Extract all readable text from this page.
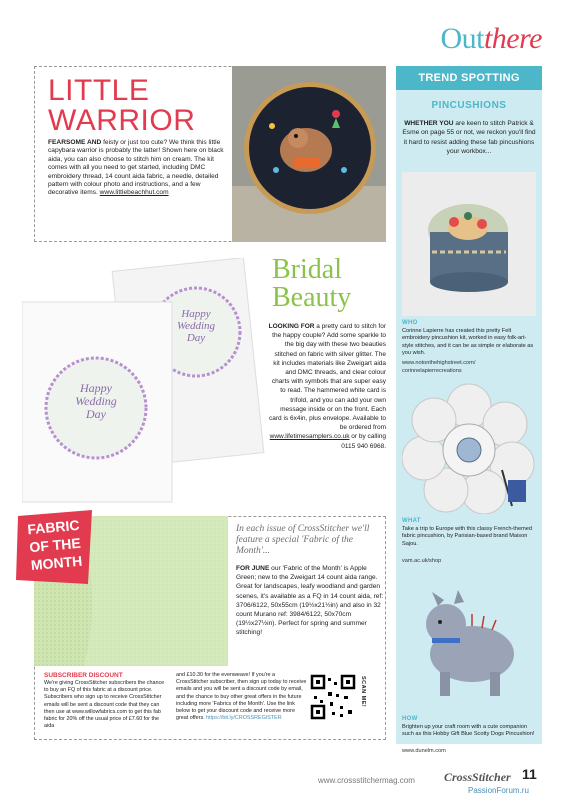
Outthere
LITTLE
WARRIOR
FEARSOME AND feisty or just too cute? We think this little capybara warrior is probably the latter! Shown here on black aida, you can also choose to stitch him on cream. The kit comes with all you need to get started, including DMC embroidery thread, 14 count aida fabric, a needle, detailed pattern with colour photo and instructions, and a few decorative items. www.littlebeachhut.com
Happy Wedding Day
Happy Wedding Day
Bridal
Beauty
LOOKING FOR a pretty card to stitch for the happy couple? Add some sparkle to the big day with these two beauties stitched on fabric with silver glitter. The kit includes materials like Zweigart aida and DMC threads, and clear colour charts with symbols that are super easy to read. The hammered white card is trifold, and you can add your own message inside or on the front. Each card is 6x4in, plus envelope. Available to be ordered from www.lifetimesamplers.co.uk or by calling 0115 940 6968.
FABRIC
OF THE
MONTH
In each issue of CrossStitcher we'll feature a special 'Fabric of the Month'...
FOR JUNE our 'Fabric of the Month' is Apple Green; new to the Zweigart 14 count aida range. Great for landscapes, leafy woodland and garden scenes, it's available as a FQ in 14 count aida, ref: 3706/6122, 50x55cm (19½x21½in) and also in 32 count Murano ref: 3984/6122, 50x70cm (19½x27½in). Perfect for spring and summer stitching!
SUBSCRIBER DISCOUNT
We're giving CrossStitcher subscribers the chance to buy an FQ of this fabric at a discount price. Subscribers who sign up to receive CrossStitcher emails will be sent a discount code that they can then use at www.willowfabrics.com to get this fab fabric for 20% off the usual price of £7.60 for the aida
and £10.30 for the evenweave! If you're a CrossStitcher subscriber, then sign up today to receive emails and you will be sent a discount code by email, and the chance to buy other great offers in the future including more 'Fabrics of the Month'. Use the link below to get your discount code and receive more great offers. https://bit.ly/CROSSREGISTER
SCAN ME!
TREND SPOTTING
PINCUSHIONS
WHETHER YOU are keen to stitch Patrick & Esme on page 55 or not, we reckon you'll find it hard to resist adding these fab pincushions your workbox...
WHO
Corinne Lapierre has created this pretty Felt embroidery pincushion kit, worked in easy folk-art-style stitches, and it can be as simple or elaborate as you wish.
www.notonthehighstreet.com/
corinnelapierrecreations
WHAT
Take a trip to Europe with this classy French-themed fabric pincushion, by Parisian-based brand Maison Sajou.
vam.ac.uk/shop
HOW
Brighten up your craft room with a cute companion such as this Hobby Gift Blue Scotty Dogs Pincushion!
www.dunelm.com
www.crossstitchermag.com CrossStitcher 11
PassionForum.ru
